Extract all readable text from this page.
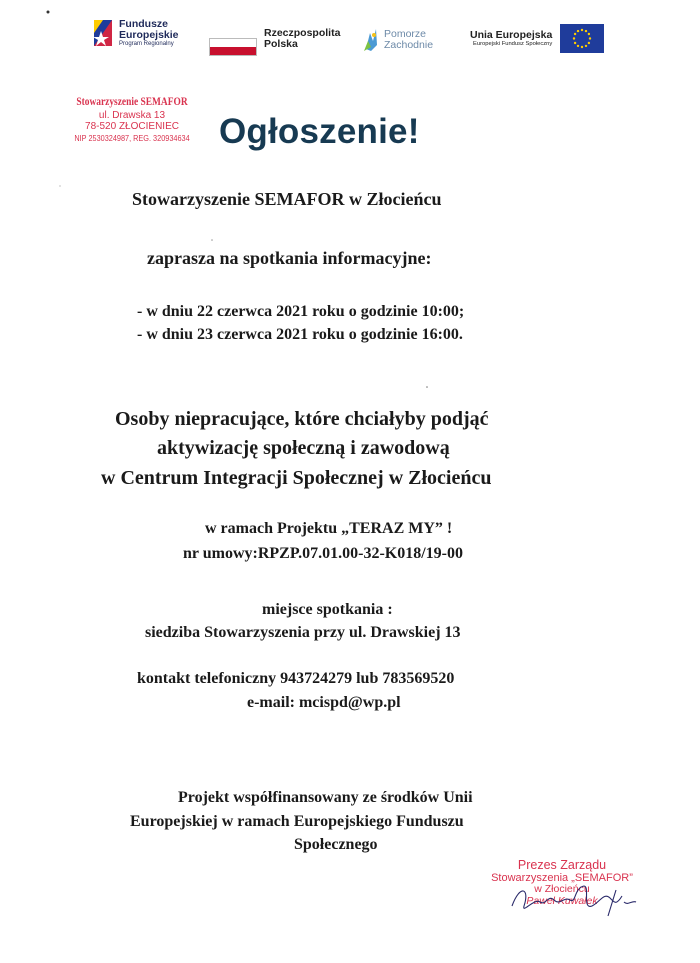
Fundusze
Europejskie
Program Regionalny
Rzeczpospolita
Polska
Pomorze
Zachodnie
Unia Europejska
Europejski Fundusz Społeczny
Stowarzyszenie SEMAFOR
ul. Drawska 13
78-520 ZŁOCIENIEC
NIP 2530324987, REG. 320934634 Ogłoszenie!
Stowarzyszenie SEMAFOR w Złocieńcu
zaprasza na spotkania informacyjne:
- w dniu 22 czerwca 2021 roku o godzinie 10:00;
- w dniu 23 czerwca 2021 roku o godzinie 16:00.
Osoby niepracujące, które chciałyby podjąć
aktywizację społeczną i zawodową
w Centrum Integracji Społecznej w Złocieńcu
w ramach Projektu „TERAZ MY” !
nr umowy:RPZP.07.01.00-32-K018/19-00
miejsce spotkania :
siedziba Stowarzyszenia przy ul. Drawskiej 13
kontakt telefoniczny 943724279 lub 783569520
e-mail: mcispd@wp.pl
Projekt współfinansowany ze środków Unii
Europejskiej w ramach Europejskiego Funduszu
Społecznego
Prezes Zarządu
Stowarzyszenia „SEMAFOR”
w Złocieńcu
Paweł Kuwałek
